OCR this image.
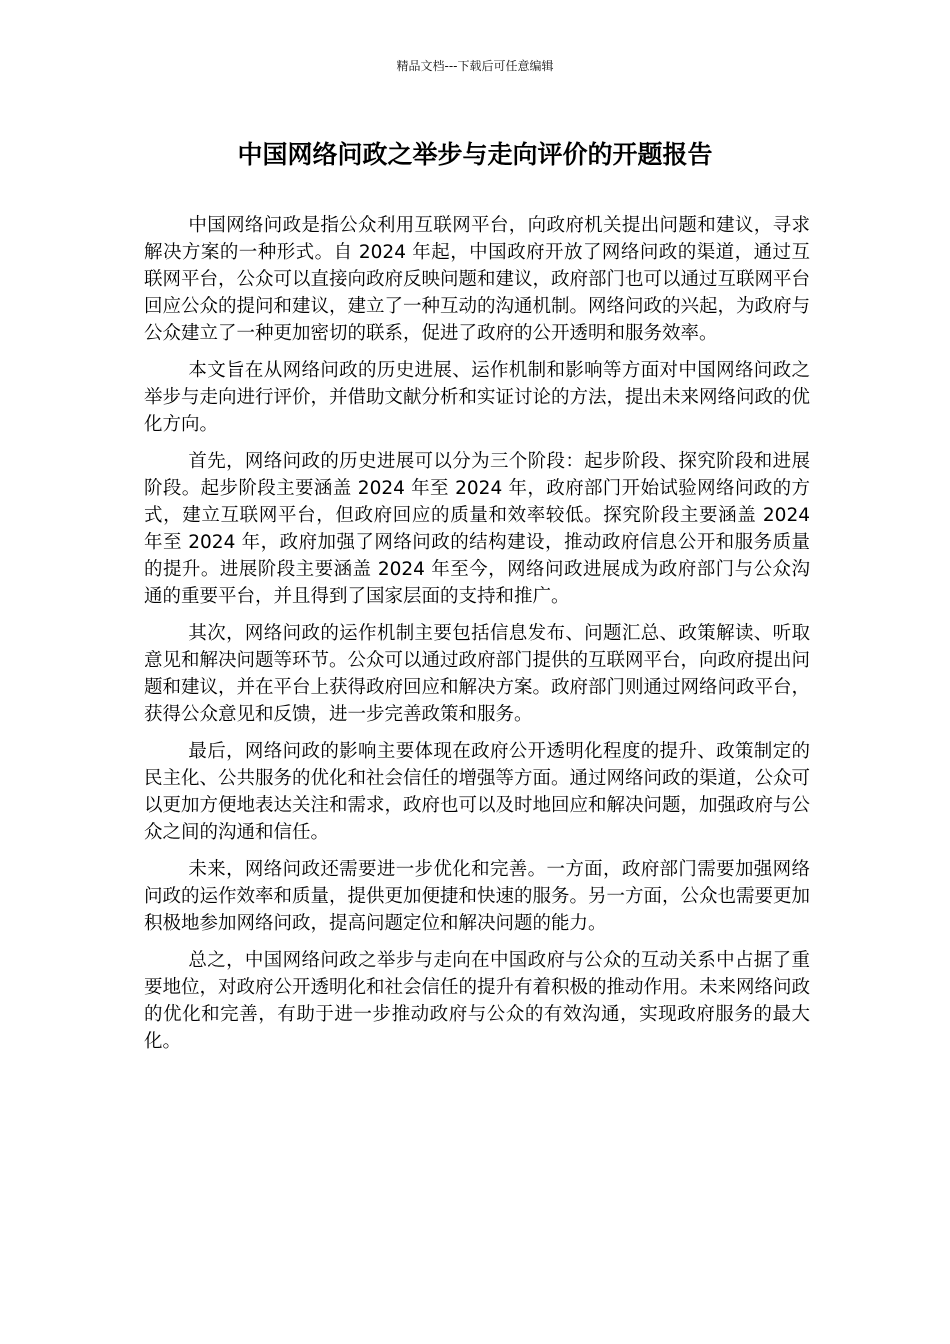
精品文档---下载后可任意编辑
中国网络问政之举步与走向评价的开题报告

中国网络问政是指公众利用互联网平台，向政府机关提出问题和建议，寻求解决方案的一种形式。自 2024 年起，中国政府开放了网络问政的渠道，通过互联网平台，公众可以直接向政府反映问题和建议，政府部门也可以通过互联网平台回应公众的提问和建议，建立了一种互动的沟通机制。网络问政的兴起，为政府与公众建立了一种更加密切的联系，促进了政府的公开透明和服务效率。

本文旨在从网络问政的历史进展、运作机制和影响等方面对中国网络问政之举步与走向进行评价，并借助文献分析和实证讨论的方法，提出未来网络问政的优化方向。

首先，网络问政的历史进展可以分为三个阶段：起步阶段、探究阶段和进展阶段。起步阶段主要涵盖 2024 年至 2024 年，政府部门开始试验网络问政的方式，建立互联网平台，但政府回应的质量和效率较低。探究阶段主要涵盖 2024 年至 2024 年，政府加强了网络问政的结构建设，推动政府信息公开和服务质量的提升。进展阶段主要涵盖 2024 年至今，网络问政进展成为政府部门与公众沟通的重要平台，并且得到了国家层面的支持和推广。

其次，网络问政的运作机制主要包括信息发布、问题汇总、政策解读、听取意见和解决问题等环节。公众可以通过政府部门提供的互联网平台，向政府提出问题和建议，并在平台上获得政府回应和解决方案。政府部门则通过网络问政平台，获得公众意见和反馈，进一步完善政策和服务。

最后，网络问政的影响主要体现在政府公开透明化程度的提升、政策制定的民主化、公共服务的优化和社会信任的增强等方面。通过网络问政的渠道，公众可以更加方便地表达关注和需求，政府也可以及时地回应和解决问题，加强政府与公众之间的沟通和信任。

未来，网络问政还需要进一步优化和完善。一方面，政府部门需要加强网络问政的运作效率和质量，提供更加便捷和快速的服务。另一方面，公众也需要更加积极地参加网络问政，提高问题定位和解决问题的能力。

总之，中国网络问政之举步与走向在中国政府与公众的互动关系中占据了重要地位，对政府公开透明化和社会信任的提升有着积极的推动作用。未来网络问政的优化和完善，有助于进一步推动政府与公众的有效沟通，实现政府服务的最大化。
